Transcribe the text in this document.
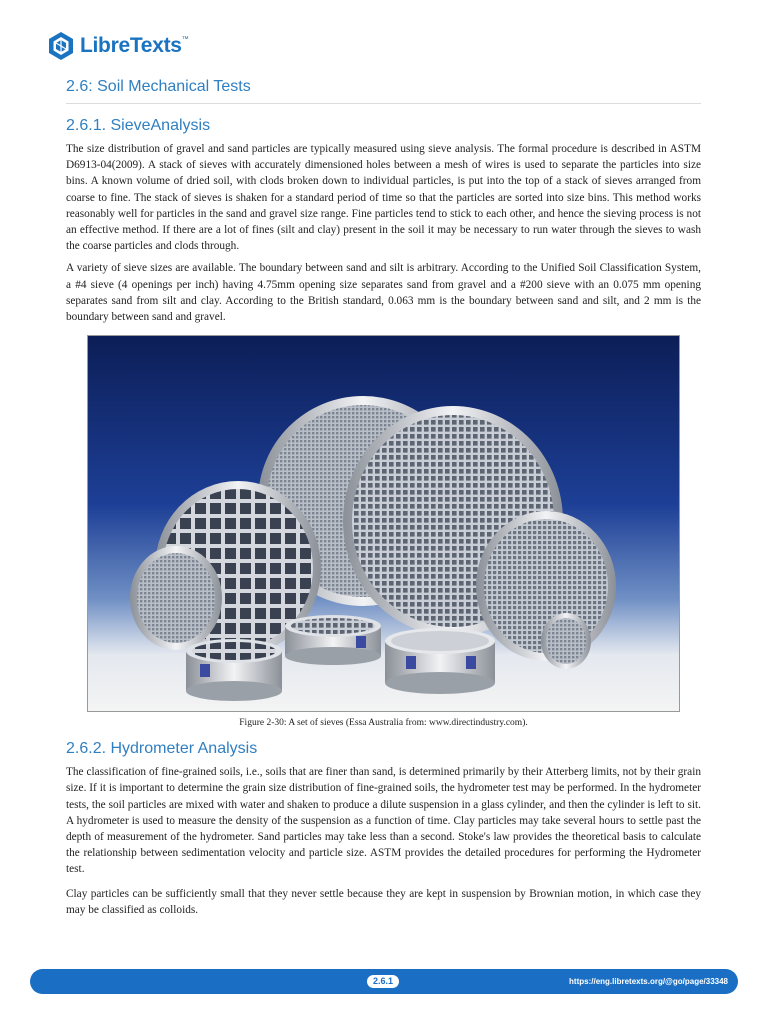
LibreTexts ™
2.6: Soil Mechanical Tests
2.6.1. SieveAnalysis

The size distribution of gravel and sand particles are typically measured using sieve analysis. The formal procedure is described in ASTM D6913-04(2009). A stack of sieves with accurately dimensioned holes between a mesh of wires is used to separate the particles into size bins. A known volume of dried soil, with clods broken down to individual particles, is put into the top of a stack of sieves arranged from coarse to fine. The stack of sieves is shaken for a standard period of time so that the particles are sorted into size bins. This method works reasonably well for particles in the sand and gravel size range. Fine particles tend to stick to each other, and hence the sieving process is not an effective method. If there are a lot of fines (silt and clay) present in the soil it may be necessary to run water through the sieves to wash the coarse particles and clods through.

A variety of sieve sizes are available. The boundary between sand and silt is arbitrary. According to the Unified Soil Classification System, a #4 sieve (4 openings per inch) having 4.75mm opening size separates sand from gravel and a #200 sieve with an 0.075 mm opening separates sand from silt and clay. According to the British standard, 0.063 mm is the boundary between sand and silt, and 2 mm is the boundary between sand and gravel.

Figure 2-30: A set of sieves (Essa Australia from: www.directindustry.com).
2.6.2. Hydrometer Analysis

The classification of fine-grained soils, i.e., soils that are finer than sand, is determined primarily by their Atterberg limits, not by their grain size. If it is important to determine the grain size distribution of fine-grained soils, the hydrometer test may be performed. In the hydrometer tests, the soil particles are mixed with water and shaken to produce a dilute suspension in a glass cylinder, and then the cylinder is left to sit. A hydrometer is used to measure the density of the suspension as a function of time. Clay particles may take several hours to settle past the depth of measurement of the hydrometer. Sand particles may take less than a second. Stoke's law provides the theoretical basis to calculate the relationship between sedimentation velocity and particle size. ASTM provides the detailed procedures for performing the Hydrometer test.

Clay particles can be sufficiently small that they never settle because they are kept in suspension by Brownian motion, in which case they may be classified as colloids.

2.6.1	https://eng.libretexts.org/@go/page/33348
